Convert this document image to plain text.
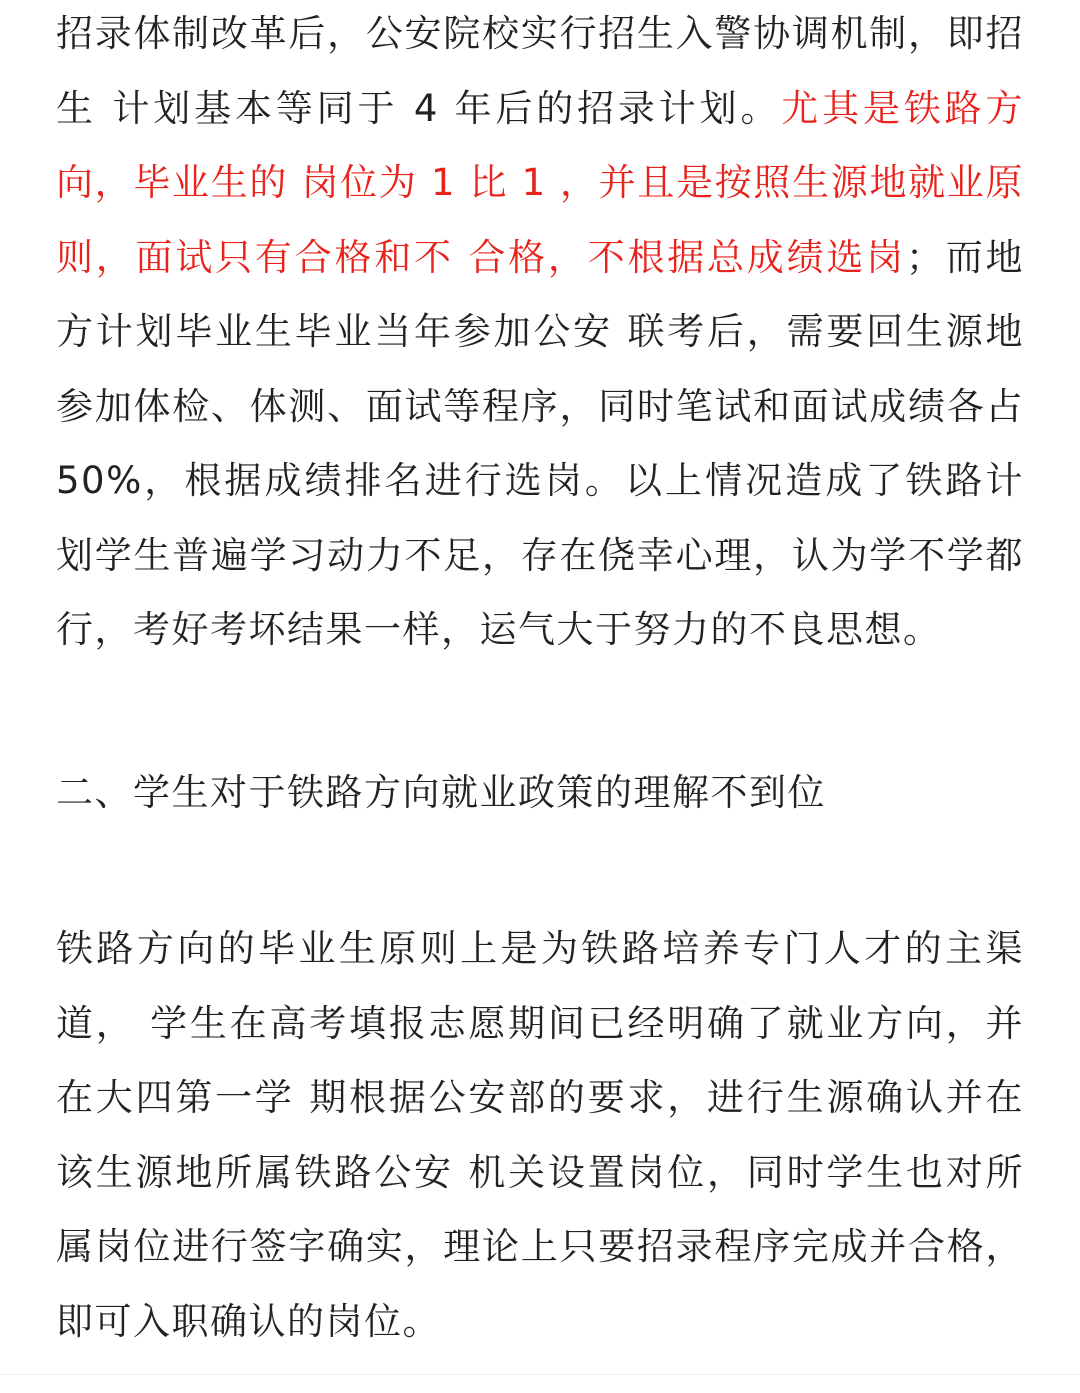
招录体制改革后，公安院校实行招生入警协调机制，即招生 计划基本等同于 4 年后的招录计划。尤其是铁路方向，毕业生的 岗位为 1 比 1 ，并且是按照生源地就业原则，面试只有合格和不 合格，不根据总成绩选岗；而地方计划毕业生毕业当年参加公安 联考后，需要回生源地参加体检、体测、面试等程序，同时笔试和面试成绩各占 50%，根据成绩排名进行选岗。以上情况造成了铁路计划学生普遍学习动力不足，存在侥幸心理，认为学不学都行，考好考坏结果一样，运气大于努力的不良思想。

二、学生对于铁路方向就业政策的理解不到位

铁路方向的毕业生原则上是为铁路培养专门人才的主渠道， 学生在高考填报志愿期间已经明确了就业方向，并在大四第一学 期根据公安部的要求，进行生源确认并在该生源地所属铁路公安 机关设置岗位，同时学生也对所属岗位进行签字确实，理论上只要招录程序完成并合格，即可入职确认的岗位。
